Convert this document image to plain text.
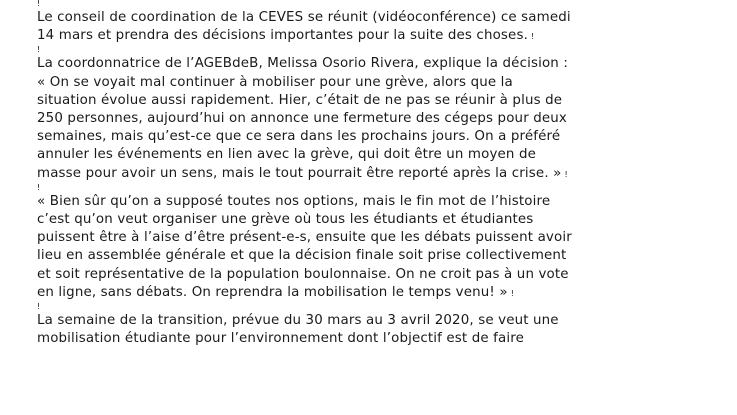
!

Le conseil de coordination de la CEVES se réunit (vidéoconférence) ce samedi
14 mars et prendra des décisions importantes pour la suite des choses. !

!

La coordonnatrice de l’AGEBdeB, Melissa Osorio Rivera, explique la décision :
« On se voyait mal continuer à mobiliser pour une grève, alors que la
situation évolue aussi rapidement. Hier, c’était de ne pas se réunir à plus de
250 personnes, aujourd’hui on annonce une fermeture des cégeps pour deux
semaines, mais qu’est-ce que ce sera dans les prochains jours. On a préféré
annuler les événements en lien avec la grève, qui doit être un moyen de
masse pour avoir un sens, mais le tout pourrait être reporté après la crise. » !

!

« Bien sûr qu’on a supposé toutes nos options, mais le fin mot de l’histoire
c’est qu’on veut organiser une grève où tous les étudiants et étudiantes
puissent être à l’aise d’être présent-e-s, ensuite que les débats puissent avoir
lieu en assemblée générale et que la décision finale soit prise collectivement
et soit représentative de la population boulonnaise. On ne croit pas à un vote
en ligne, sans débats. On reprendra la mobilisation le temps venu! » !

!

La semaine de la transition, prévue du 30 mars au 3 avril 2020, se veut une
mobilisation étudiante pour l’environnement dont l’objectif est de faire
